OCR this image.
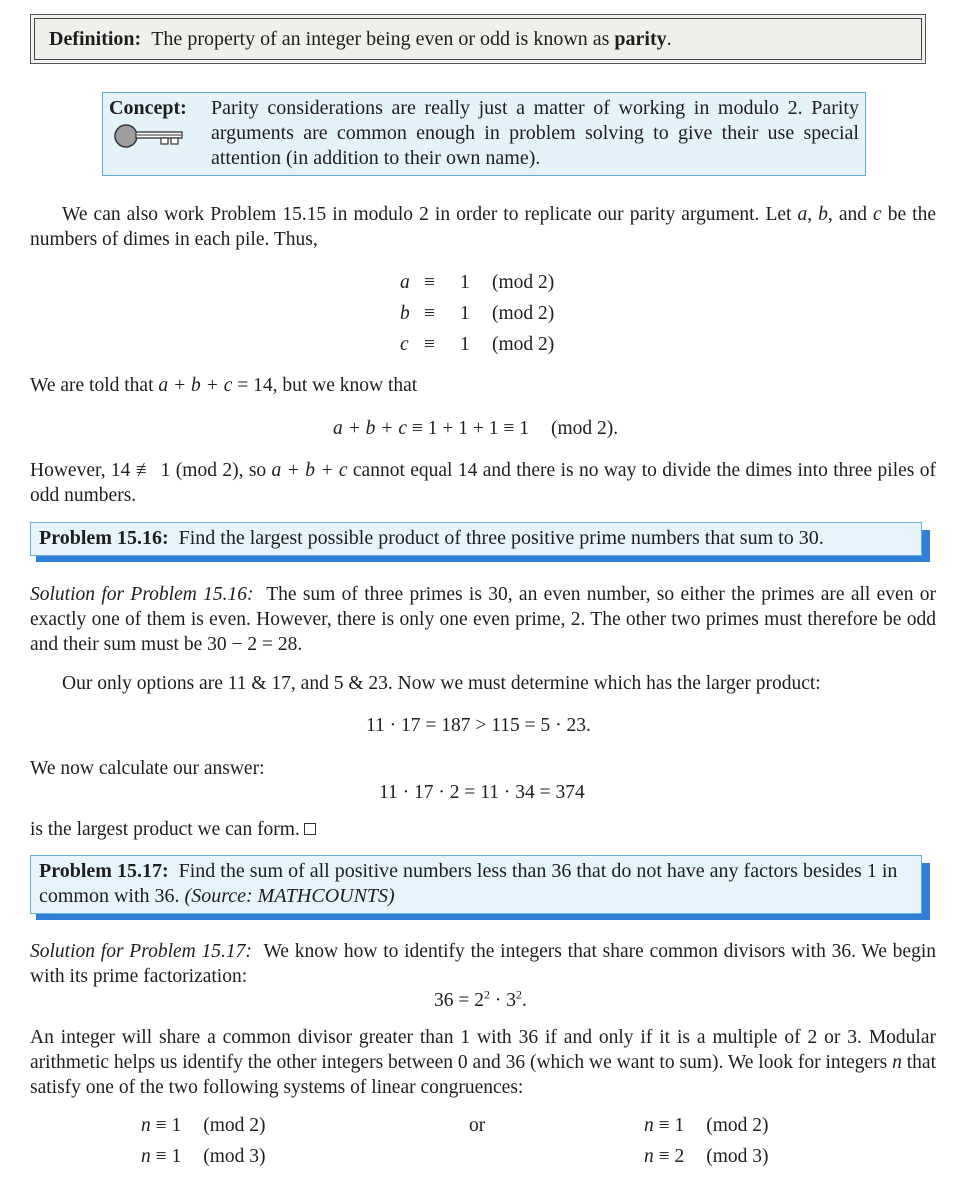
Definition: The property of an integer being even or odd is known as parity.
Concept: Parity considerations are really just a matter of working in modulo 2. Parity arguments are common enough in problem solving to give their use special attention (in addition to their own name).
We can also work Problem 15.15 in modulo 2 in order to replicate our parity argument. Let a, b, and c be the numbers of dimes in each pile. Thus,
a ≡ 1 (mod 2)
b ≡ 1 (mod 2)
c ≡ 1 (mod 2)
We are told that a + b + c = 14, but we know that
a + b + c ≡ 1 + 1 + 1 ≡ 1 (mod 2).
However, 14 ≢ 1 (mod 2), so a + b + c cannot equal 14 and there is no way to divide the dimes into three piles of odd numbers.
Problem 15.16: Find the largest possible product of three positive prime numbers that sum to 30.
Solution for Problem 15.16: The sum of three primes is 30, an even number, so either the primes are all even or exactly one of them is even. However, there is only one even prime, 2. The other two primes must therefore be odd and their sum must be 30 − 2 = 28.
Our only options are 11 & 17, and 5 & 23. Now we must determine which has the larger product:
11 · 17 = 187 > 115 = 5 · 23.
We now calculate our answer:
11 · 17 · 2 = 11 · 34 = 374
is the largest product we can form.
Problem 15.17: Find the sum of all positive numbers less than 36 that do not have any factors besides 1 in common with 36. (Source: MATHCOUNTS)
Solution for Problem 15.17: We know how to identify the integers that share common divisors with 36. We begin with its prime factorization:
$36 = 2^2 \cdot 3^2$.
An integer will share a common divisor greater than 1 with 36 if and only if it is a multiple of 2 or 3. Modular arithmetic helps us identify the other integers between 0 and 36 (which we want to sum). We look for integers n that satisfy one of the two following systems of linear congruences:
n ≡ 1 (mod 2)
n ≡ 1 (mod 3)
or	n ≡ 1 (mod 2)
n ≡ 2 (mod 3)
